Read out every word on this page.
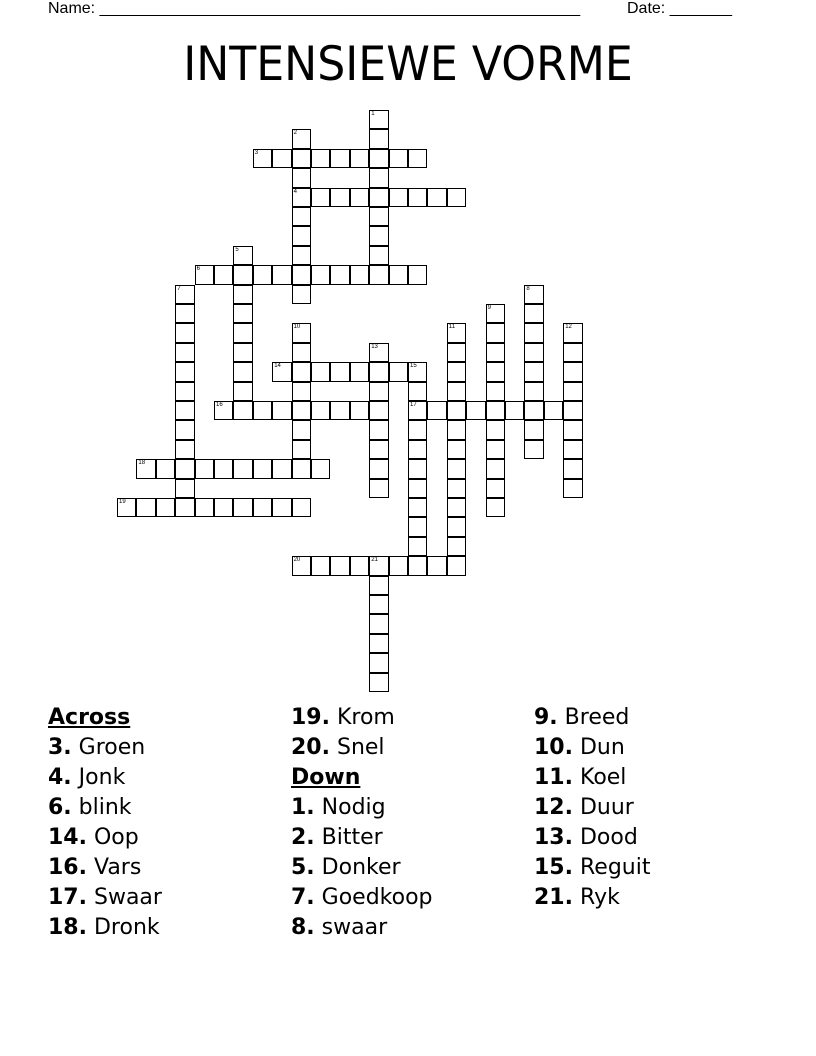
Name: ______________________________________________________	Date: _______
INTENSIEWE VORME
1
2
4
3
5
6
7	8
9
10	11	12
13
14	15
17
16
18
19
20	21
Across
3. Groen
4. Jonk
6. blink
14. Oop
16. Vars
17. Swaar
18. Dronk
19. Krom
20. Snel
Down
1. Nodig
2. Bitter
5. Donker
7. Goedkoop
8. swaar
9. Breed
10. Dun
11. Koel
12. Duur
13. Dood
15. Reguit
21. Ryk
